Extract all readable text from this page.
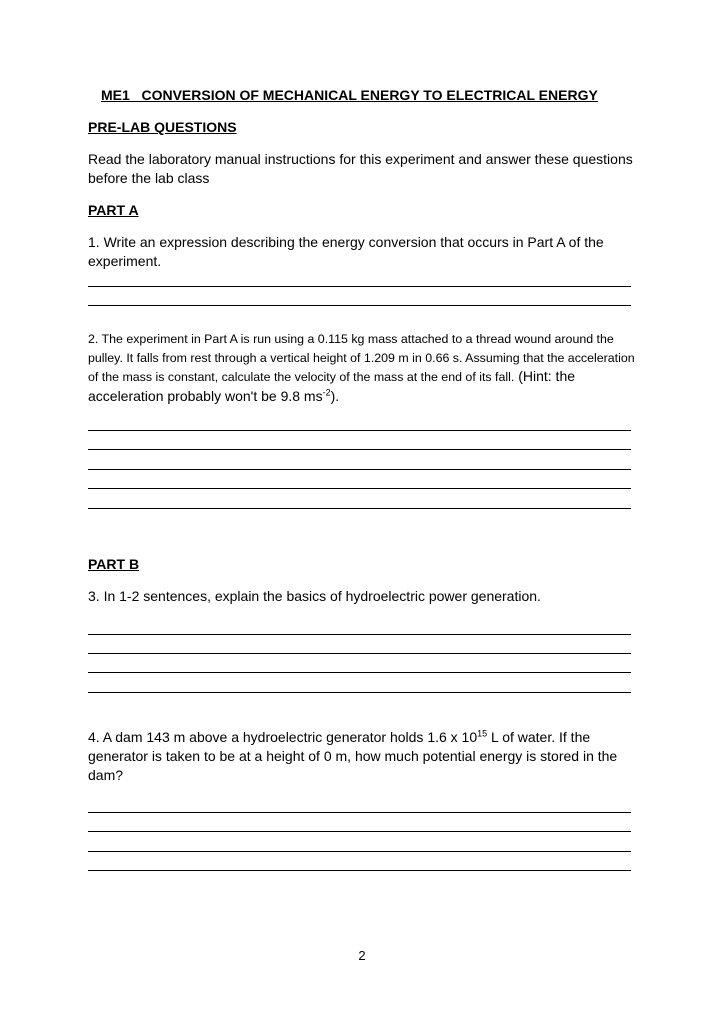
ME1   CONVERSION OF MECHANICAL ENERGY TO ELECTRICAL ENERGY
PRE-LAB QUESTIONS
Read the laboratory manual instructions for this experiment and answer these questions before the lab class
PART A
1. Write an expression describing the energy conversion that occurs in Part A of the experiment.
2. The experiment in Part A is run using a 0.115 kg mass attached to a thread wound around the pulley. It falls from rest through a vertical height of 1.209 m in 0.66 s. Assuming that the acceleration of the mass is constant, calculate the velocity of the mass at the end of its fall. (Hint: the acceleration probably won't be 9.8 $ms^{-2}$).
PART B
3. In 1-2 sentences, explain the basics of hydroelectric power generation.
4. A dam 143 m above a hydroelectric generator holds 1.6 x $10^{15}$ L of water. If the generator is taken to be at a height of 0 m, how much potential energy is stored in the dam?
2
